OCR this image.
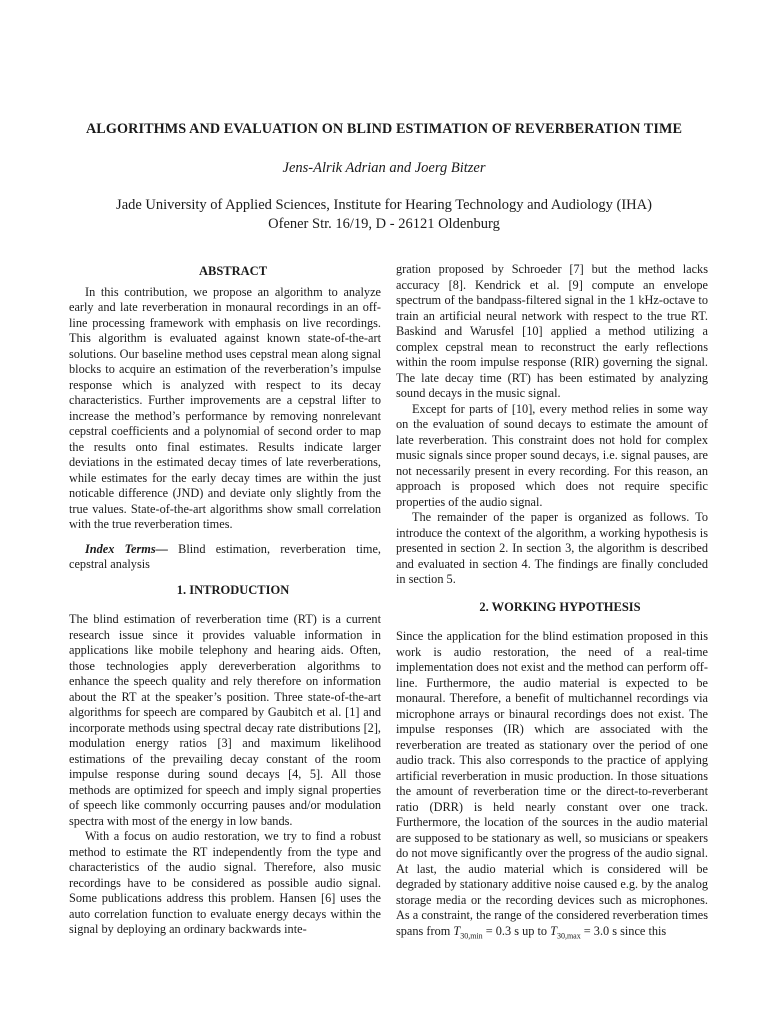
ALGORITHMS AND EVALUATION ON BLIND ESTIMATION OF REVERBERATION TIME
Jens-Alrik Adrian and Joerg Bitzer
Jade University of Applied Sciences, Institute for Hearing Technology and Audiology (IHA)
Ofener Str. 16/19, D - 26121 Oldenburg

ABSTRACT

In this contribution, we propose an algorithm to analyze early and late reverberation in monaural recordings in an off-line processing framework with emphasis on live recordings. This algorithm is evaluated against known state-of-the-art solutions. Our baseline method uses cepstral mean along signal blocks to acquire an estimation of the reverberation’s impulse response which is analyzed with respect to its decay characteristics. Further improvements are a cepstral lifter to increase the method’s performance by removing nonrelevant cepstral coefficients and a polynomial of second order to map the results onto final estimates. Results indicate larger deviations in the estimated decay times of late reverberations, while estimates for the early decay times are within the just noticable difference (JND) and deviate only slightly from the true values. State-of-the-art algorithms show small correlation with the true reverberation times.

Index Terms— Blind estimation, reverberation time, cepstral analysis

1. INTRODUCTION

The blind estimation of reverberation time (RT) is a current research issue since it provides valuable information in applications like mobile telephony and hearing aids. Often, those technologies apply dereverberation algorithms to enhance the speech quality and rely therefore on information about the RT at the speaker’s position. Three state-of-the-art algorithms for speech are compared by Gaubitch et al. [1] and incorporate methods using spectral decay rate distributions [2], modulation energy ratios [3] and maximum likelihood estimations of the prevailing decay constant of the room impulse response during sound decays [4, 5]. All those methods are optimized for speech and imply signal properties of speech like commonly occurring pauses and/or modulation spectra with most of the energy in low bands.

With a focus on audio restoration, we try to find a robust method to estimate the RT independently from the type and characteristics of the audio signal. Therefore, also music recordings have to be considered as possible audio signal. Some publications address this problem. Hansen [6] uses the auto correlation function to evaluate energy decays within the signal by deploying an ordinary backwards inte-

gration proposed by Schroeder [7] but the method lacks accuracy [8]. Kendrick et al. [9] compute an envelope spectrum of the bandpass-filtered signal in the 1 kHz-octave to train an artificial neural network with respect to the true RT. Baskind and Warusfel [10] applied a method utilizing a complex cepstral mean to reconstruct the early reflections within the room impulse response (RIR) governing the signal. The late decay time (RT) has been estimated by analyzing sound decays in the music signal.

Except for parts of [10], every method relies in some way on the evaluation of sound decays to estimate the amount of late reverberation. This constraint does not hold for complex music signals since proper sound decays, i.e. signal pauses, are not necessarily present in every recording. For this reason, an approach is proposed which does not require specific properties of the audio signal.

The remainder of the paper is organized as follows. To introduce the context of the algorithm, a working hypothesis is presented in section 2. In section 3, the algorithm is described and evaluated in section 4. The findings are finally concluded in section 5.

2. WORKING HYPOTHESIS

Since the application for the blind estimation proposed in this work is audio restoration, the need of a real-time implementation does not exist and the method can perform off-line. Furthermore, the audio material is expected to be monaural. Therefore, a benefit of multichannel recordings via microphone arrays or binaural recordings does not exist. The impulse responses (IR) which are associated with the reverberation are treated as stationary over the period of one audio track. This also corresponds to the practice of applying artificial reverberation in music production. In those situations the amount of reverberation time or the direct-to-reverberant ratio (DRR) is held nearly constant over one track. Furthermore, the location of the sources in the audio material are supposed to be stationary as well, so musicians or speakers do not move significantly over the progress of the audio signal. At last, the audio material which is considered will be degraded by stationary additive noise caused e.g. by the analog storage media or the recording devices such as microphones. As a constraint, the range of the considered reverberation times spans from $T_{30,min} = 0.3$ s up to $T_{30,max} = 3.0$ s since this
